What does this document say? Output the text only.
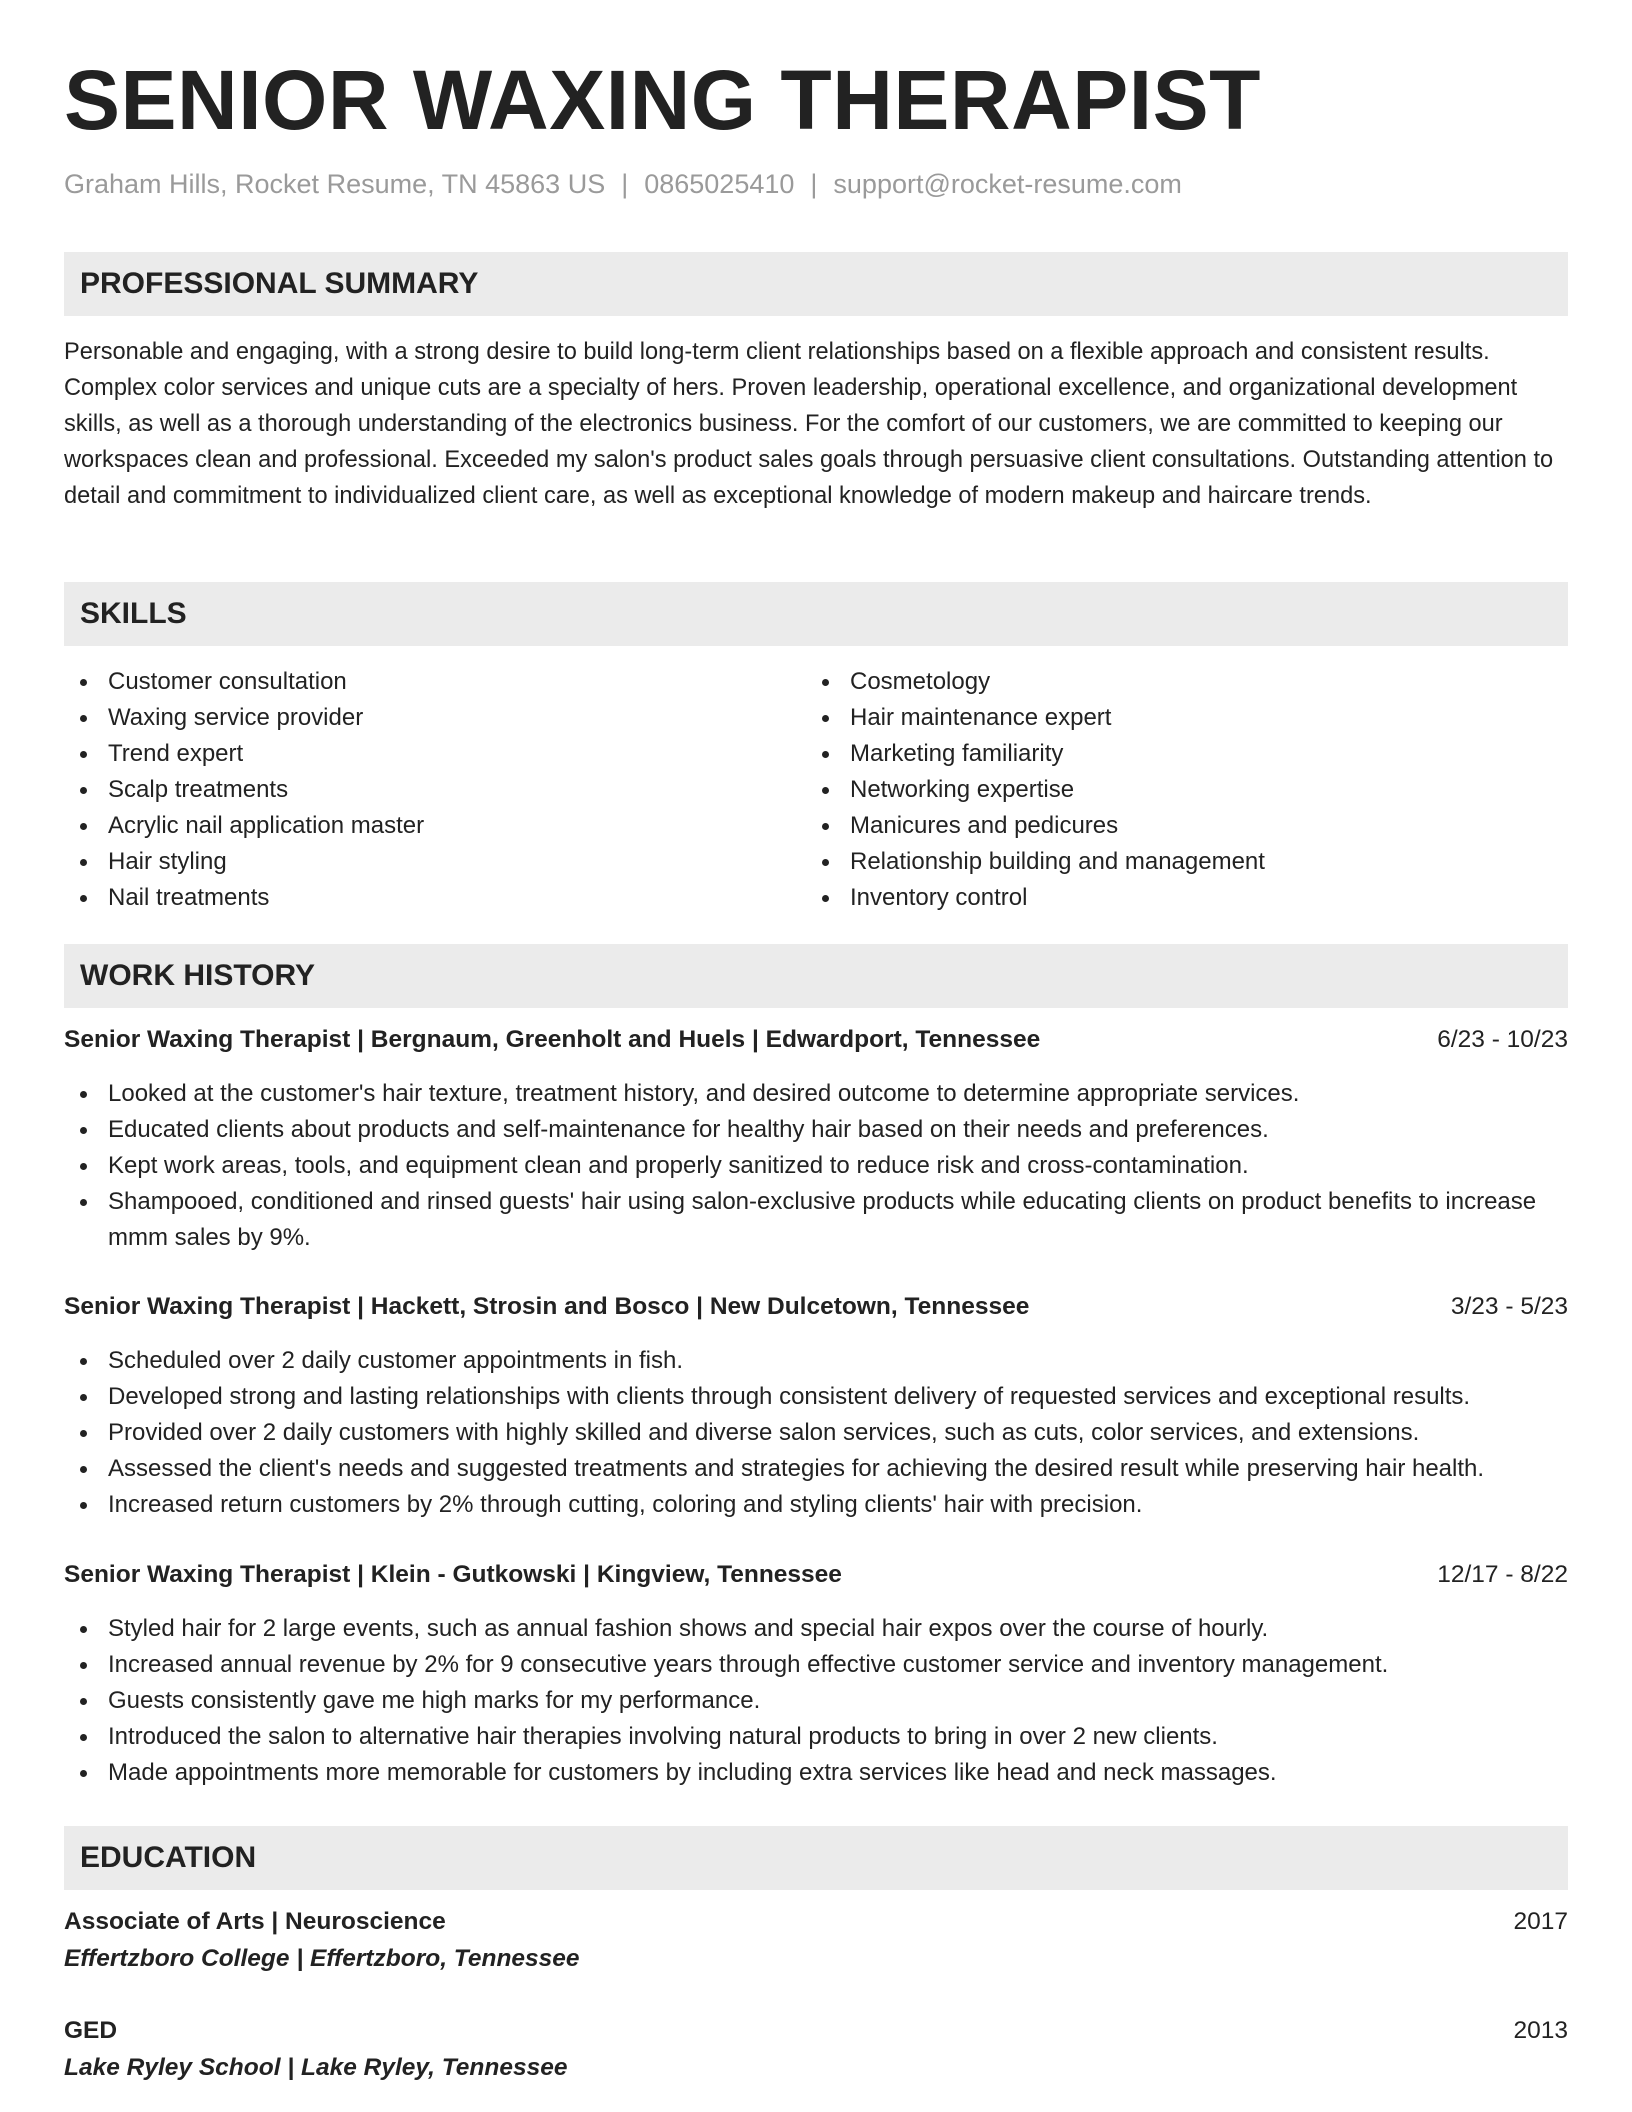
SENIOR WAXING THERAPIST
Graham Hills, Rocket Resume, TN 45863 US | 0865025410 | support@rocket-resume.com
PROFESSIONAL SUMMARY

Personable and engaging, with a strong desire to build long-term client relationships based on a flexible approach and consistent results. Complex color services and unique cuts are a specialty of hers. Proven leadership, operational excellence, and organizational development skills, as well as a thorough understanding of the electronics business. For the comfort of our customers, we are committed to keeping our workspaces clean and professional. Exceeded my salon's product sales goals through persuasive client consultations. Outstanding attention to detail and commitment to individualized client care, as well as exceptional knowledge of modern makeup and haircare trends.

SKILLS
Customer consultation
Waxing service provider
Trend expert
Scalp treatments
Acrylic nail application master
Hair styling
Nail treatments
Cosmetology
Hair maintenance expert
Marketing familiarity
Networking expertise
Manicures and pedicures
Relationship building and management
Inventory control
WORK HISTORY
Senior Waxing Therapist | Bergnaum, Greenholt and Huels | Edwardport, Tennessee	6/23 - 10/23
Looked at the customer's hair texture, treatment history, and desired outcome to determine appropriate services.
Educated clients about products and self-maintenance for healthy hair based on their needs and preferences.
Kept work areas, tools, and equipment clean and properly sanitized to reduce risk and cross-contamination.
Shampooed, conditioned and rinsed guests' hair using salon-exclusive products while educating clients on product benefits to increase mmm sales by 9%.
Senior Waxing Therapist | Hackett, Strosin and Bosco | New Dulcetown, Tennessee	3/23 - 5/23
Scheduled over 2 daily customer appointments in fish.
Developed strong and lasting relationships with clients through consistent delivery of requested services and exceptional results.
Provided over 2 daily customers with highly skilled and diverse salon services, such as cuts, color services, and extensions.
Assessed the client's needs and suggested treatments and strategies for achieving the desired result while preserving hair health.
Increased return customers by 2% through cutting, coloring and styling clients' hair with precision.
Senior Waxing Therapist | Klein - Gutkowski | Kingview, Tennessee	12/17 - 8/22
Styled hair for 2 large events, such as annual fashion shows and special hair expos over the course of hourly.
Increased annual revenue by 2% for 9 consecutive years through effective customer service and inventory management.
Guests consistently gave me high marks for my performance.
Introduced the salon to alternative hair therapies involving natural products to bring in over 2 new clients.
Made appointments more memorable for customers by including extra services like head and neck massages.
EDUCATION
Associate of Arts | Neuroscience	2017
Effertzboro College | Effertzboro, Tennessee
GED	2013
Lake Ryley School | Lake Ryley, Tennessee
